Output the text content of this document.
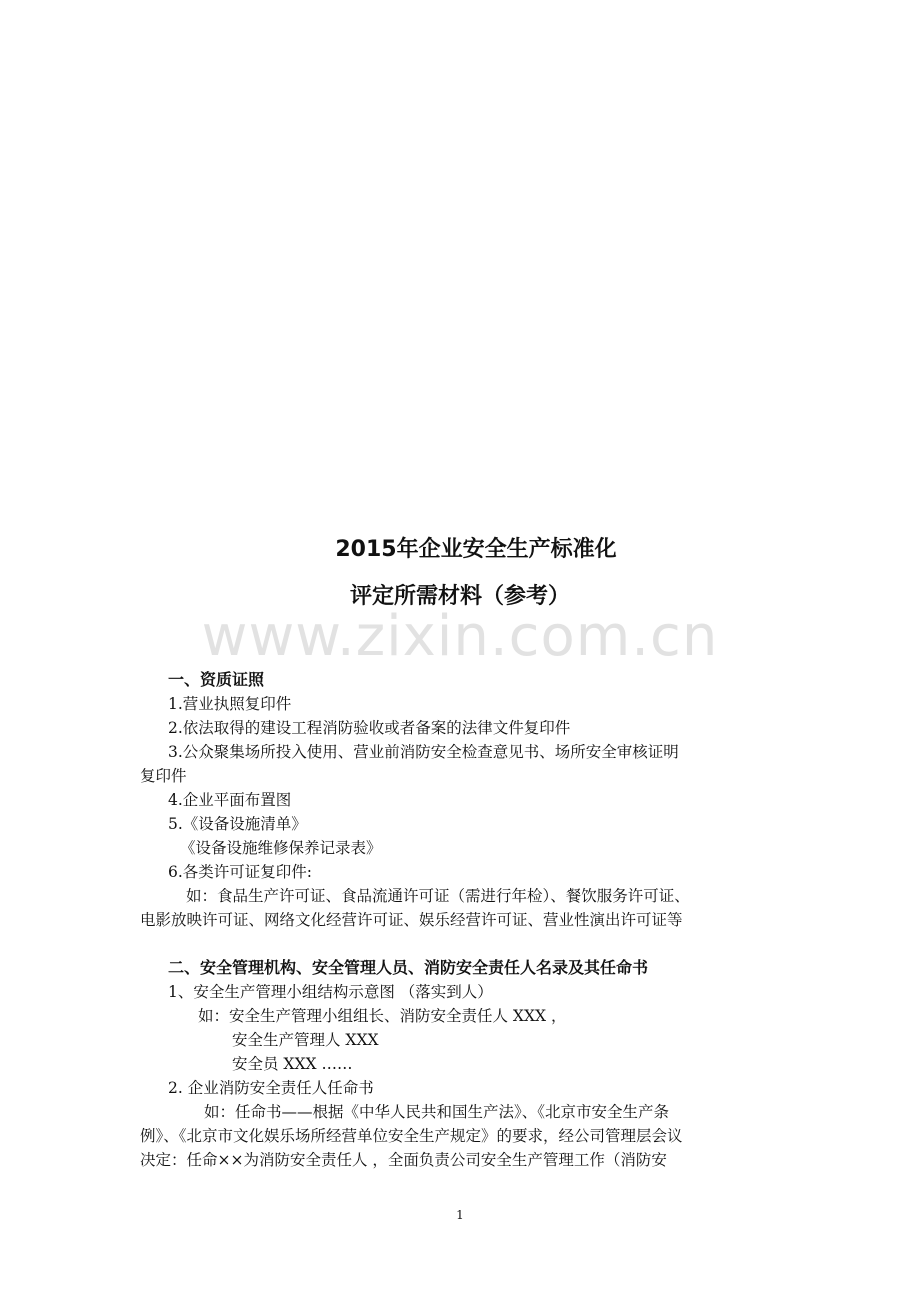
2015年企业安全生产标准化
评定所需材料（参考）
www.zixin.com.cn
一、资质证照
1.营业执照复印件
2.依法取得的建设工程消防验收或者备案的法律文件复印件
3.公众聚集场所投入使用、营业前消防安全检查意见书、场所安全审核证明
复印件
4.企业平面布置图
5.《设备设施清单》
《设备设施维修保养记录表》
6.各类许可证复印件:
如：食品生产许可证、食品流通许可证（需进行年检）、餐饮服务许可证、
电影放映许可证、网络文化经营许可证、娱乐经营许可证、营业性演出许可证等
二、安全管理机构、安全管理人员、消防安全责任人名录及其任命书
1、安全生产管理小组结构示意图 （落实到人）
如：安全生产管理小组组长、消防安全责任人 XXX ，
安全生产管理人 XXX
安全员 XXX ……
2. 企业消防安全责任人任命书
如：任命书——根据《中华人民共和国生产法》、《北京市安全生产条
例》、《北京市文化娱乐场所经营单位安全生产规定》的要求，经公司管理层会议
决定：任命××为消防安全责任人 ，全面负责公司安全生产管理工作（消防安
1
